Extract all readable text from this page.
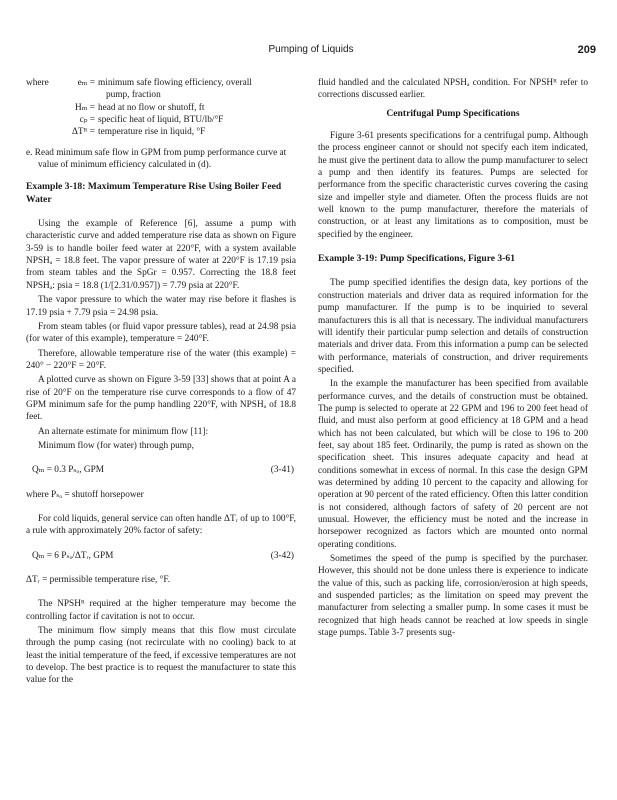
Pumping of Liquids	209
where	eₘ = minimum safe flowing efficiency, overall
pump, fraction
Hₘ = head at no flow or shutoff, ft
cₚ = specific heat of liquid, BTU/lb/°F
ΔTᴿ = temperature rise in liquid, °F
e. Read minimum safe flow in GPM from pump performance curve at value of minimum efficiency calculated in (d).
Example 3-18: Maximum Temperature Rise Using Boiler Feed Water

Using the example of Reference [6], assume a pump with characteristic curve and added temperature rise data as shown on Figure 3-59 is to handle boiler feed water at 220°F, with a system available NPSHₐ = 18.8 feet. The vapor pressure of water at 220°F is 17.19 psia from steam tables and the SpGr = 0.957. Correcting the 18.8 feet NPSHₐ: psia = 18.8 (1/[2.31/0.957]) = 7.79 psia at 220°F.

The vapor pressure to which the water may rise before it flashes is 17.19 psia + 7.79 psia = 24.98 psia.

From steam tables (or fluid vapor pressure tables), read at 24.98 psia (for water of this example), temperature = 240°F.

Therefore, allowable temperature rise of the water (this example) = 240° − 220°F = 20°F.

A plotted curve as shown on Figure 3-59 [33] shows that at point A a rise of 20°F on the temperature rise curve corresponds to a flow of 47 GPM minimum safe for the pump handling 220°F, with NPSHₐ of 18.8 feet.

An alternate estimate for minimum flow [11]:

Minimum flow (for water) through pump,

Qₘ = 0.3 Pₛₒ, GPM	(3-41)

where Pₛₒ = shutoff horsepower

For cold liquids, general service can often handle ΔTᵣ of up to 100°F, a rule with approximately 20% factor of safety:

Qₘ = 6 Pₛₒ/ΔTᵣ, GPM	(3-42)

ΔTᵣ = permissible temperature rise, °F.

The NPSHᴿ required at the higher temperature may become the controlling factor if cavitation is not to occur.

The minimum flow simply means that this flow must circulate through the pump casing (not recirculate with no cooling) back to at least the initial temperature of the feed, if excessive temperatures are not to develop. The best practice is to request the manufacturer to state this value for the

fluid handled and the calculated NPSHₐ condition. For NPSHᴿ refer to corrections discussed earlier.

Centrifugal Pump Specifications

Figure 3-61 presents specifications for a centrifugal pump. Although the process engineer cannot or should not specify each item indicated, he must give the pertinent data to allow the pump manufacturer to select a pump and then identify its features. Pumps are selected for performance from the specific characteristic curves covering the casing size and impeller style and diameter. Often the process fluids are not well known to the pump manufacturer, therefore the materials of construction, or at least any limitations as to composition, must be specified by the engineer.

Example 3-19: Pump Specifications, Figure 3-61

The pump specified identifies the design data, key portions of the construction materials and driver data as required information for the pump manufacturer. If the pump is to be inquiried to several manufacturers this is all that is necessary. The individual manufacturers will identify their particular pump selection and details of construction materials and driver data. From this information a pump can be selected with performance, materials of construction, and driver requirements specified.

In the example the manufacturer has been specified from available performance curves, and the details of construction must be obtained. The pump is selected to operate at 22 GPM and 196 to 200 feet head of fluid, and must also perform at good efficiency at 18 GPM and a head which has not been calculated, but which will be close to 196 to 200 feet, say about 185 feet. Ordinarily, the pump is rated as shown on the specification sheet. This insures adequate capacity and head at conditions somewhat in excess of normal. In this case the design GPM was determined by adding 10 percent to the capacity and allowing for operation at 90 percent of the rated efficiency. Often this latter condition is not considered, although factors of safety of 20 percent are not unusual. However, the efficiency must be noted and the increase in horsepower recognized as factors which are mounted onto normal operating conditions.

Sometimes the speed of the pump is specified by the purchaser. However, this should not be done unless there is experience to indicate the value of this, such as packing life, corrosion/erosion at high speeds, and suspended particles; as the limitation on speed may prevent the manufacturer from selecting a smaller pump. In some cases it must be recognized that high heads cannot be reached at low speeds in single stage pumps. Table 3-7 presents sug-
